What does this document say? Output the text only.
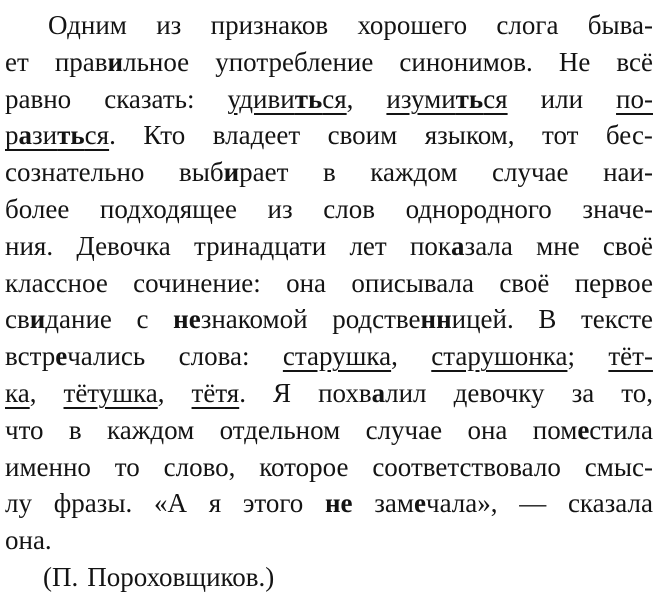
Одним из признаков хорошего слога быва-
ет правильное употребление синонимов. Не всё
равно сказать: удивиться, изумиться или по-
разиться. Кто владеет своим языком, тот бес-
сознательно выбирает в каждом случае наи-
более подходящее из слов однородного значе-
ния. Девочка тринадцати лет показала мне своё
классное сочинение: она описывала своё первое
свидание с незнакомой родственницей. В тексте
встречались слова: старушка, старушонка; тёт-
ка, тётушка, тётя. Я похвалил девочку за то,
что в каждом отдельном случае она поместила
именно то слово, которое соответствовало смыс-
лу фразы. «А я этого не замечала», — сказала
она.
(П. Пороховщиков.)
